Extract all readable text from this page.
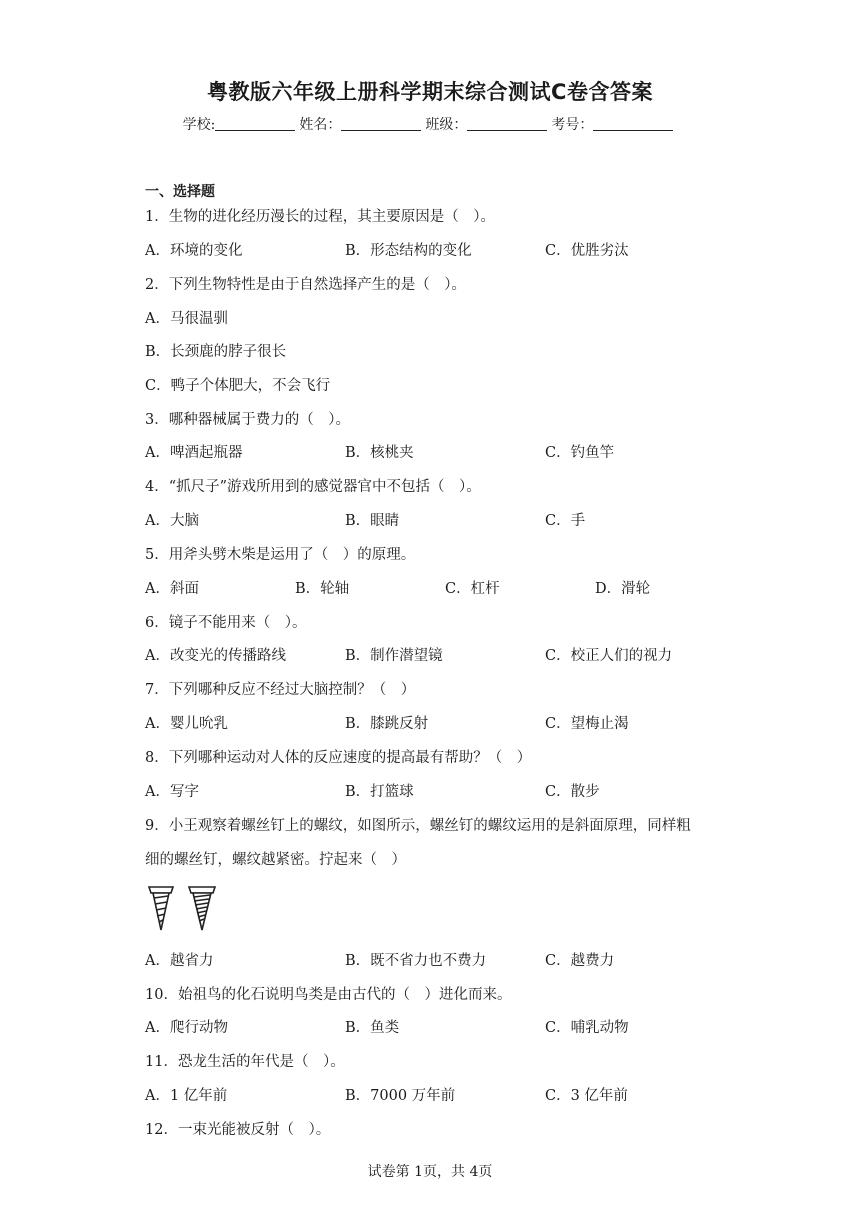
粤教版六年级上册科学期末综合测试C卷含答案
学校:	姓名：	班级：	考号：
一、选择题
1．生物的进化经历漫长的过程，其主要原因是（　）。
A．环境的变化	B．形态结构的变化	C．优胜劣汰
2．下列生物特性是由于自然选择产生的是（　）。
A．马很温驯
B．长颈鹿的脖子很长
C．鸭子个体肥大，不会飞行
3．哪种器械属于费力的（　）。
A．啤酒起瓶器	B．核桃夹	C．钓鱼竿
4．“抓尺子”游戏所用到的感觉器官中不包括（　）。
A．大脑	B．眼睛	C．手
5．用斧头劈木柴是运用了（　）的原理。
A．斜面	B．轮轴	C．杠杆	D．滑轮
6．镜子不能用来（　）。
A．改变光的传播路线	B．制作潜望镜	C．校正人们的视力
7．下列哪种反应不经过大脑控制？（　）
A．婴儿吮乳	B．膝跳反射	C．望梅止渴
8．下列哪种运动对人体的反应速度的提高最有帮助？（　）
A．写字	B．打篮球	C．散步
9．小王观察着螺丝钉上的螺纹，如图所示，螺丝钉的螺纹运用的是斜面原理，同样粗
细的螺丝钉，螺纹越紧密。拧起来（　）
A．越省力	B．既不省力也不费力	C．越费力
10．始祖鸟的化石说明鸟类是由古代的（　）进化而来。
A．爬行动物	B．鱼类	C．哺乳动物
11．恐龙生活的年代是（　）。
A．1 亿年前	B．7000 万年前	C．3 亿年前
12．一束光能被反射（　）。
试卷第 1页，共 4页
